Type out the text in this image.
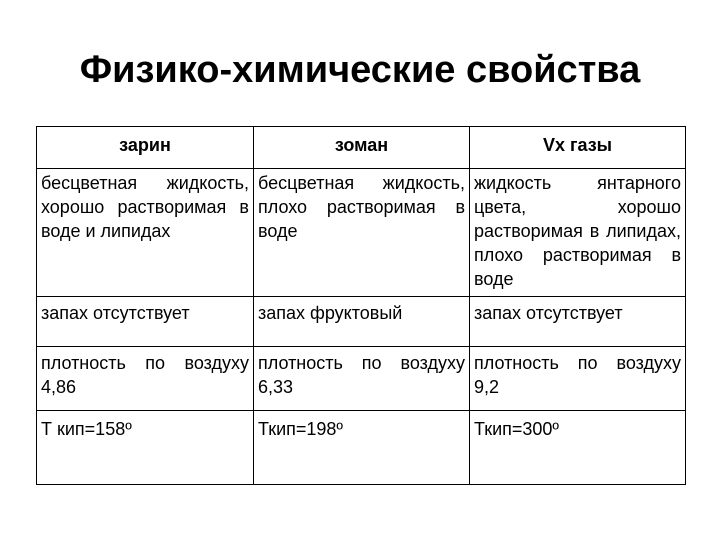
Физико-химические свойства
зарин	зоман	Vx газы
бесцветная жидкость, хорошо растворимая в воде и липидах	бесцветная жидкость, плохо растворимая в воде	жидкость янтарного цвета, хорошо растворимая в липидах, плохо растворимая в воде
запах отсутствует	запах фруктовый	запах отсутствует
плотность по воздуху 4,86	плотность по воздуху 6,33	плотность по воздуху 9,2
Т кип=158º	Ткип=198º	Ткип=300º
